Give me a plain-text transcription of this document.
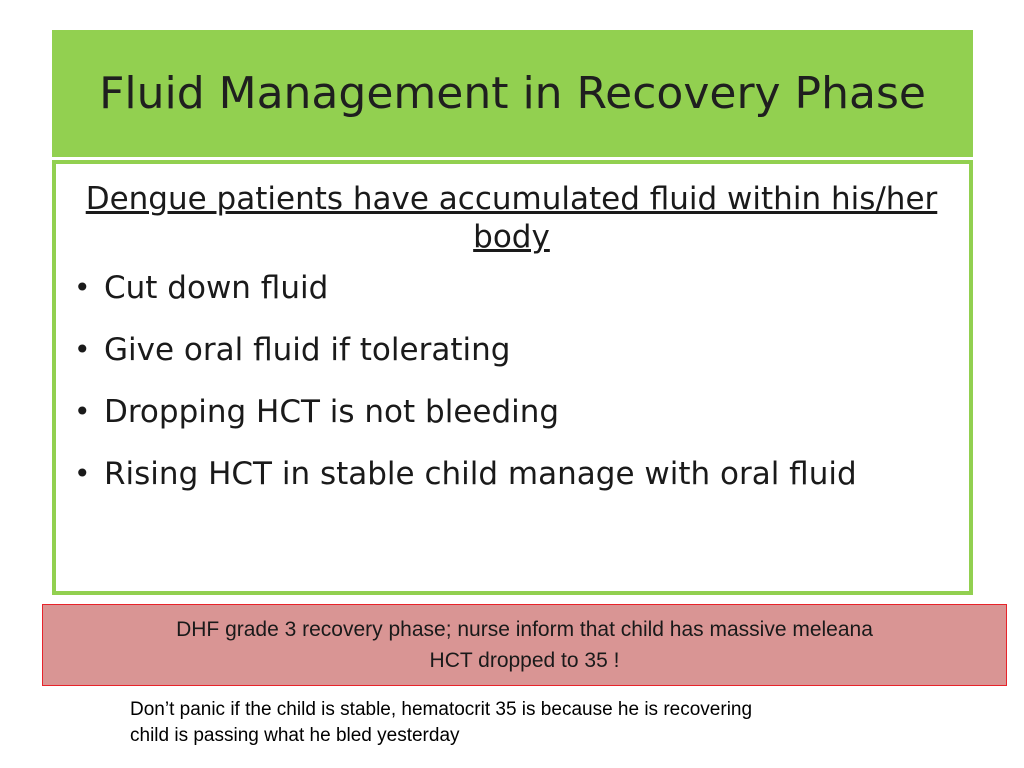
Fluid Management in Recovery Phase
Dengue patients have accumulated fluid within his/her body
• Cut down fluid
• Give oral fluid if tolerating
• Dropping HCT is not bleeding
• Rising HCT in stable child manage with oral fluid
DHF grade 3 recovery phase; nurse inform that child has massive meleana
HCT dropped to 35 !
Don’t panic if the child is stable, hematocrit 35 is because he is recovering
child is passing what he bled yesterday
